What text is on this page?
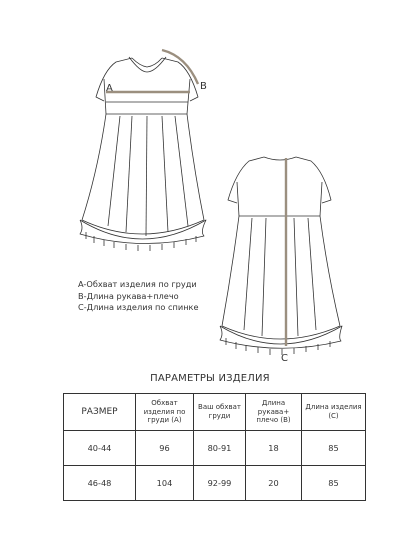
A	B
C
A-Обхват изделия по груди
B-Длина рукава+плечо
C-Длина изделия по спинке
ПАРАМЕТРЫ ИЗДЕЛИЯ
РАЗМЕР	Обхват изделия по груди (А)	Ваш обхват груди	Длина рукава+ плечо (В)	Длина изделия (С)
40-44	96	80-91	18	85
46-48	104	92-99	20	85
